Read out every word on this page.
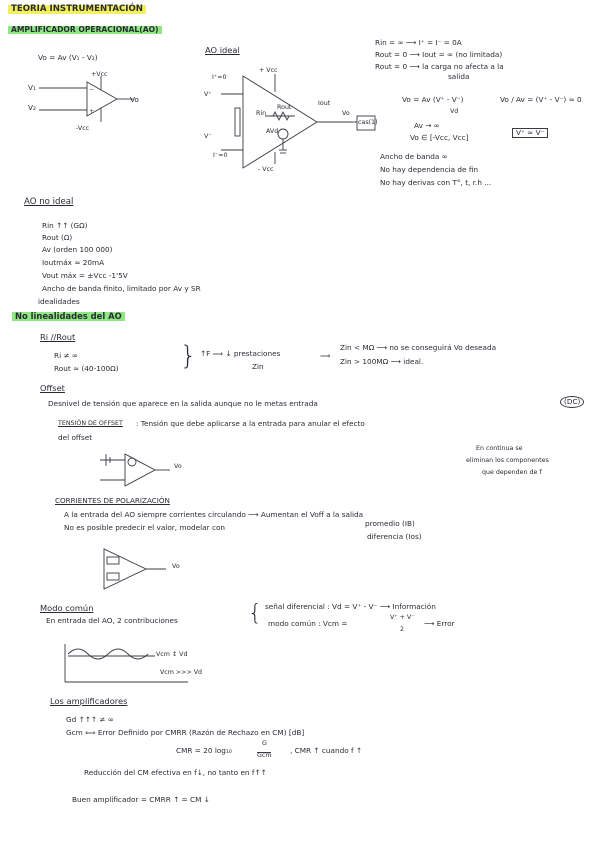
TEORIA INSTRUMENTACIÓN
AMPLIFICADOR OPERACIONAL(AO)
Vo = Av (V₁ - V₂)
−
+
+Vcc
-Vcc
V₁
V₂
Vo
AO ideal
+ Vcc
- Vcc
I⁺≈0
I⁻≈0
V⁺
V⁻
Rin
Rout
AVd
Iout
Vo
cas(1)
Rin = ∞ ⟶ I⁺ = I⁻ = 0A
Rout = 0 ⟶ Iout = ∞ (no limitada)
Rout = 0 ⟶ la carga no afecta a la
salida
Vo = Av (V⁺ - V⁻)
Vd
Vo / Av = (V⁺ - V⁻) ≈ 0
Av → ∞
V⁺ ≈ V⁻
Vo ∈ [-Vcc, Vcc]
Ancho de banda ∞
No hay dependencia de fin
No hay derivas con T°, t, r.h ...
AO no ideal
Rin ↑↑ (GΩ)
Rout (Ω)
Av (orden 100 000)
Ioutmáx ≈ 20mA
Vout máx = ±Vcc -1'5V
Ancho de banda finito, limitado por Av y SR
idealidades
No linealidades del AO
Ri //Rout
Ri ≠ ∞
Rout ≈ (40-100Ω) } ↑F ⟹ ↓ prestaciones
Zin
⟹
Zin < MΩ ⟶ no se conseguirá Vo deseada
Zin > 100MΩ ⟶ ideal.
Offset
Desnivel de tensión que aparece en la salida aunque no le metas entrada	(DC)
TENSIÓN DE OFFSET : Tensión que debe aplicarse a la entrada para anular el efecto
del offset
Vo
En continua se
eliminan los componentes
que dependen de f
CORRIENTES DE POLARIZACIÓN
A la entrada del AO siempre corrientes circulando ⟶ Aumentan el Voff a la salida
No es posible predecir el valor, modelar con	promedio (IB)
diferencia (Ios)
Vo
Modo común
En entrada del AO, 2 contribuciones	{ señal diferencial : Vd = V⁺ - V⁻ ⟶ Información
modo común : Vcm =
V⁺ + V⁻
2
⟶ Error
Vcm ↕ Vd
Vcm >>> Vd
Los amplificadores
Gd ↑↑↑ ≠ ∞
Gcm ⟺ Error Definido por CMRR (Razón de Rechazo en CM) [dB]
CMR = 20 log₁₀
G
Gcm
, CMR ↑ cuando f ↑
Reducción del CM efectiva en f↓, no tanto en f↑↑
Buen amplificador = CMRR ↑ = CM ↓
